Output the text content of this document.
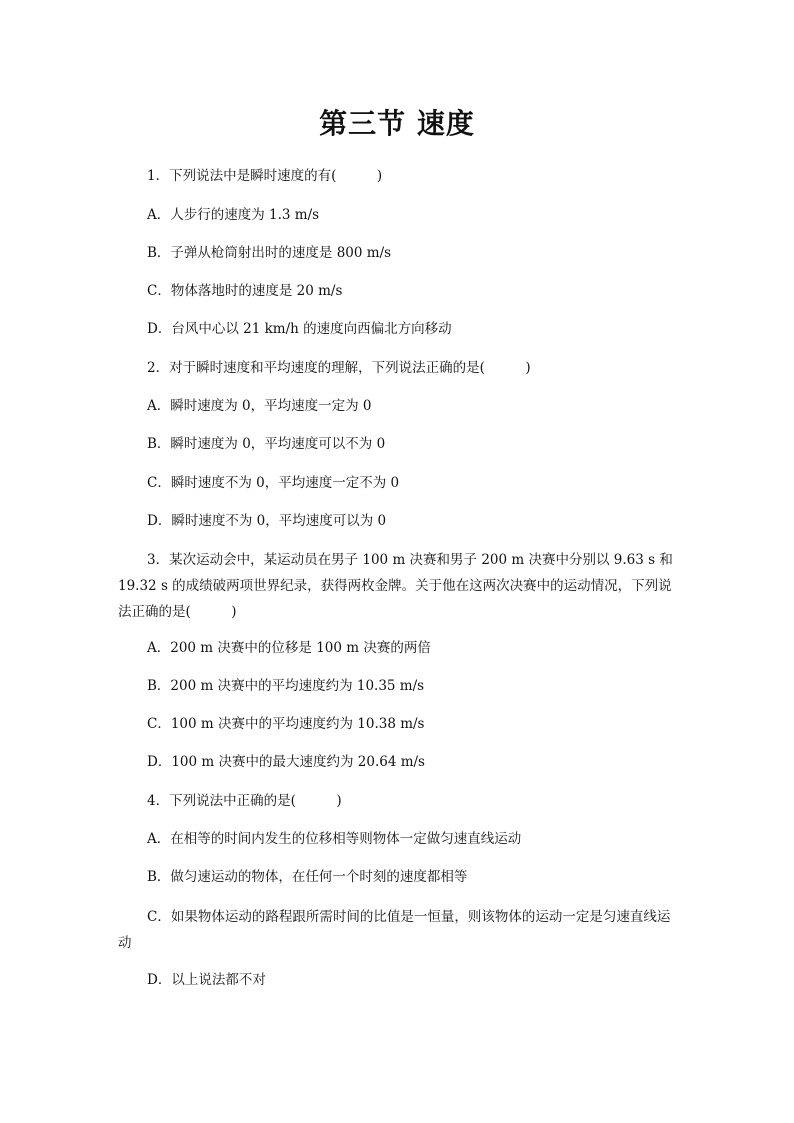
第三节 速度
1．下列说法中是瞬时速度的有(　　　)
A．人步行的速度为 1.3 m/s
B．子弹从枪筒射出时的速度是 800 m/s
C．物体落地时的速度是 20 m/s
D．台风中心以 21 km/h 的速度向西偏北方向移动
2．对于瞬时速度和平均速度的理解，下列说法正确的是(　　　)
A．瞬时速度为 0，平均速度一定为 0
B．瞬时速度为 0，平均速度可以不为 0
C．瞬时速度不为 0，平均速度一定不为 0
D．瞬时速度不为 0，平均速度可以为 0
3．某次运动会中，某运动员在男子 100 m 决赛和男子 200 m 决赛中分别以 9.63 s 和 19.32 s 的成绩破两项世界纪录，获得两枚金牌。关于他在这两次决赛中的运动情况，下列说法正确的是(　　　)
A．200 m 决赛中的位移是 100 m 决赛的两倍
B．200 m 决赛中的平均速度约为 10.35 m/s
C．100 m 决赛中的平均速度约为 10.38 m/s
D．100 m 决赛中的最大速度约为 20.64 m/s
4．下列说法中正确的是(　　　)
A．在相等的时间内发生的位移相等则物体一定做匀速直线运动
B．做匀速运动的物体，在任何一个时刻的速度都相等
C．如果物体运动的路程跟所需时间的比值是一恒量，则该物体的运动一定是匀速直线运动
D．以上说法都不对
